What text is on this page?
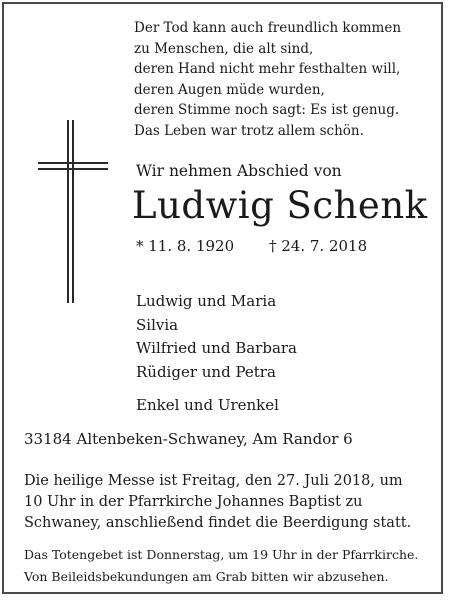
Der Tod kann auch freundlich kommen
zu Menschen, die alt sind,
deren Hand nicht mehr festhalten will,
deren Augen müde wurden,
deren Stimme noch sagt: Es ist genug.
Das Leben war trotz allem schön.
Wir nehmen Abschied von
Ludwig Schenk
* 11. 8. 1920 † 24. 7. 2018
Ludwig und Maria
Silvia
Wilfried und Barbara
Rüdiger und Petra
Enkel und Urenkel
33184 Altenbeken-Schwaney, Am Randor 6
Die heilige Messe ist Freitag, den 27. Juli 2018, um
10 Uhr in der Pfarrkirche Johannes Baptist zu
Schwaney, anschließend findet die Beerdigung statt.
Das Totengebet ist Donnerstag, um 19 Uhr in der Pfarrkirche.
Von Beileidsbekundungen am Grab bitten wir abzusehen.
